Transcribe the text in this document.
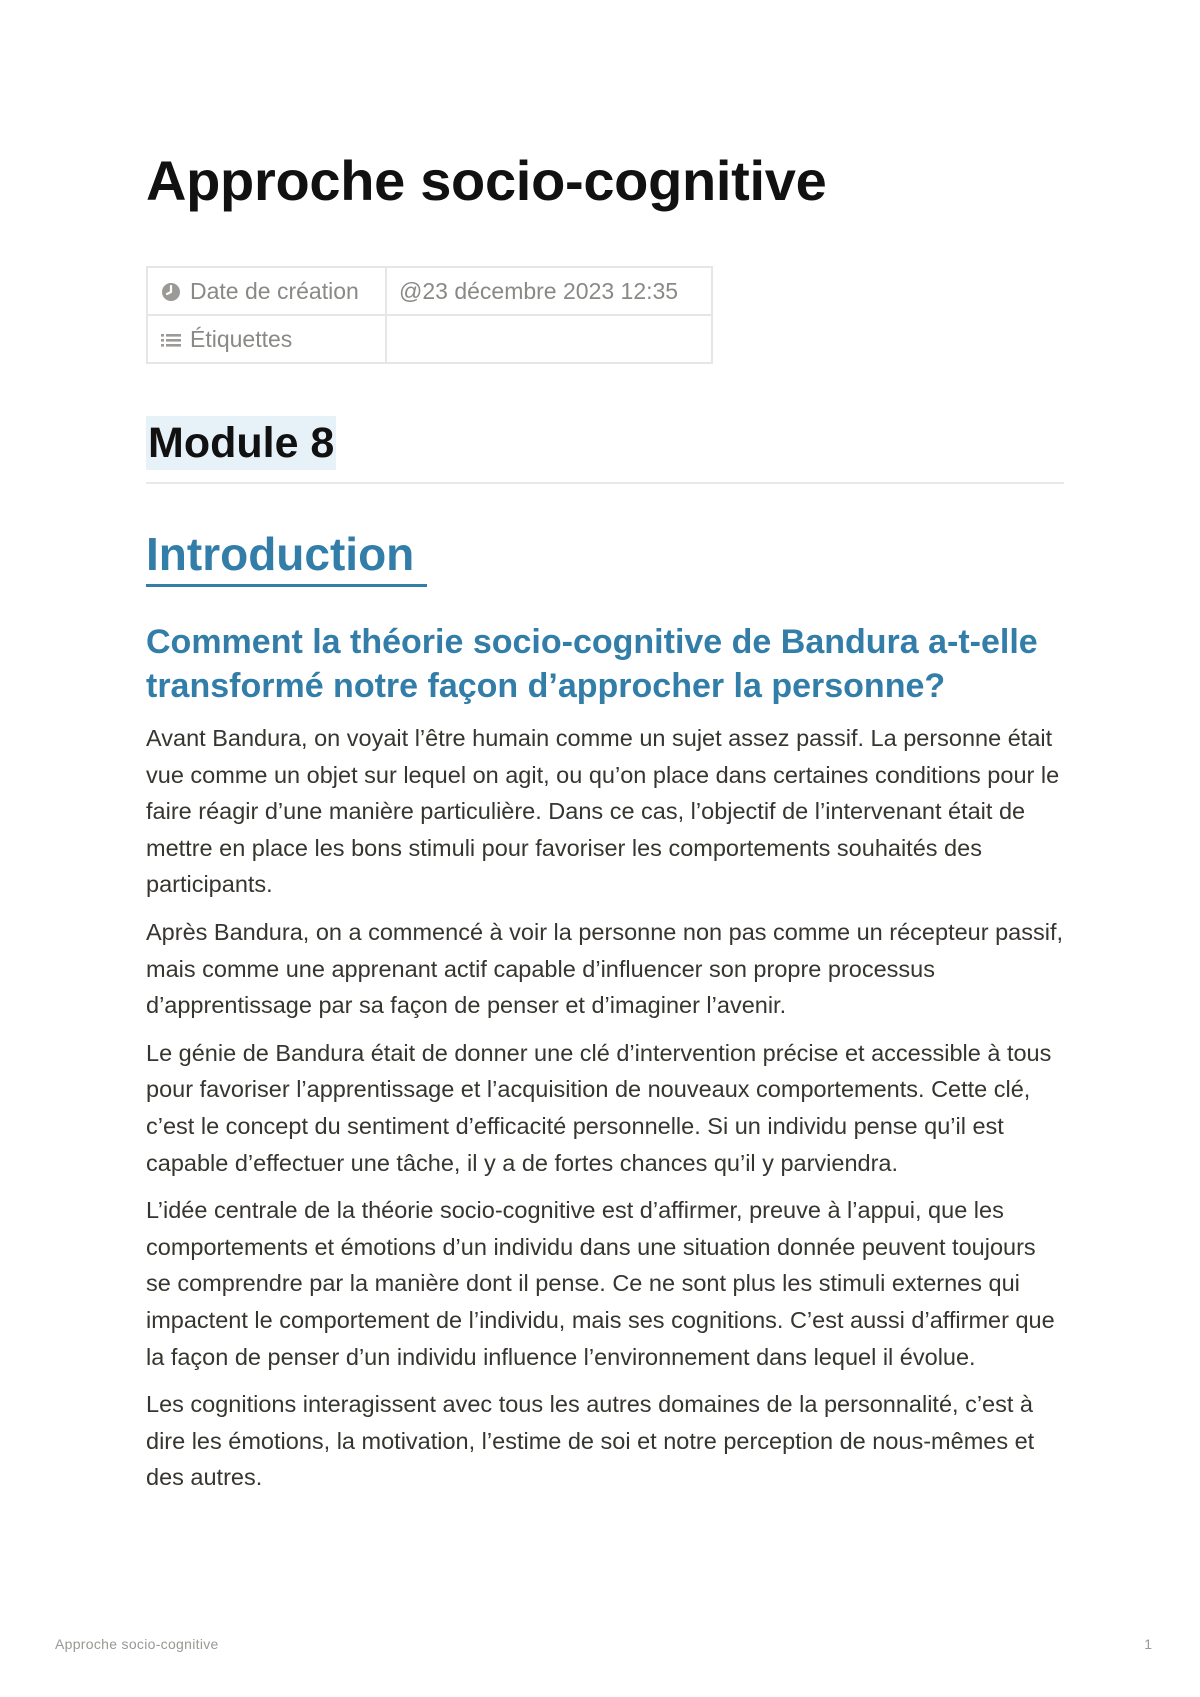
Approche socio-cognitive
Date de création	@23 décembre 2023 12:35
Étiquettes	
Module 8
Introduction
Comment la théorie socio-cognitive de Bandura a-t-elle transformé notre façon d’approcher la personne?

Avant Bandura, on voyait l’être humain comme un sujet assez passif. La personne était vue comme un objet sur lequel on agit, ou qu’on place dans certaines conditions pour le faire réagir d’une manière particulière. Dans ce cas, l’objectif de l’intervenant était de mettre en place les bons stimuli pour favoriser les comportements souhaités des participants.

Après Bandura, on a commencé à voir la personne non pas comme un récepteur passif, mais comme une apprenant actif capable d’influencer son propre processus d’apprentissage par sa façon de penser et d’imaginer l’avenir.

Le génie de Bandura était de donner une clé d’intervention précise et accessible à tous pour favoriser l’apprentissage et l’acquisition de nouveaux comportements. Cette clé, c’est le concept du sentiment d’efficacité personnelle. Si un individu pense qu’il est capable d’effectuer une tâche, il y a de fortes chances qu’il y parviendra.

L’idée centrale de la théorie socio-cognitive est d’affirmer, preuve à l’appui, que les comportements et émotions d’un individu dans une situation donnée peuvent toujours se comprendre par la manière dont il pense. Ce ne sont plus les stimuli externes qui impactent le comportement de l’individu, mais ses cognitions. C’est aussi d’affirmer que la façon de penser d’un individu influence l’environnement dans lequel il évolue.

Les cognitions interagissent avec tous les autres domaines de la personnalité, c’est à dire les émotions, la motivation, l’estime de soi et notre perception de nous-mêmes et des autres.

Approche socio-cognitive	1
